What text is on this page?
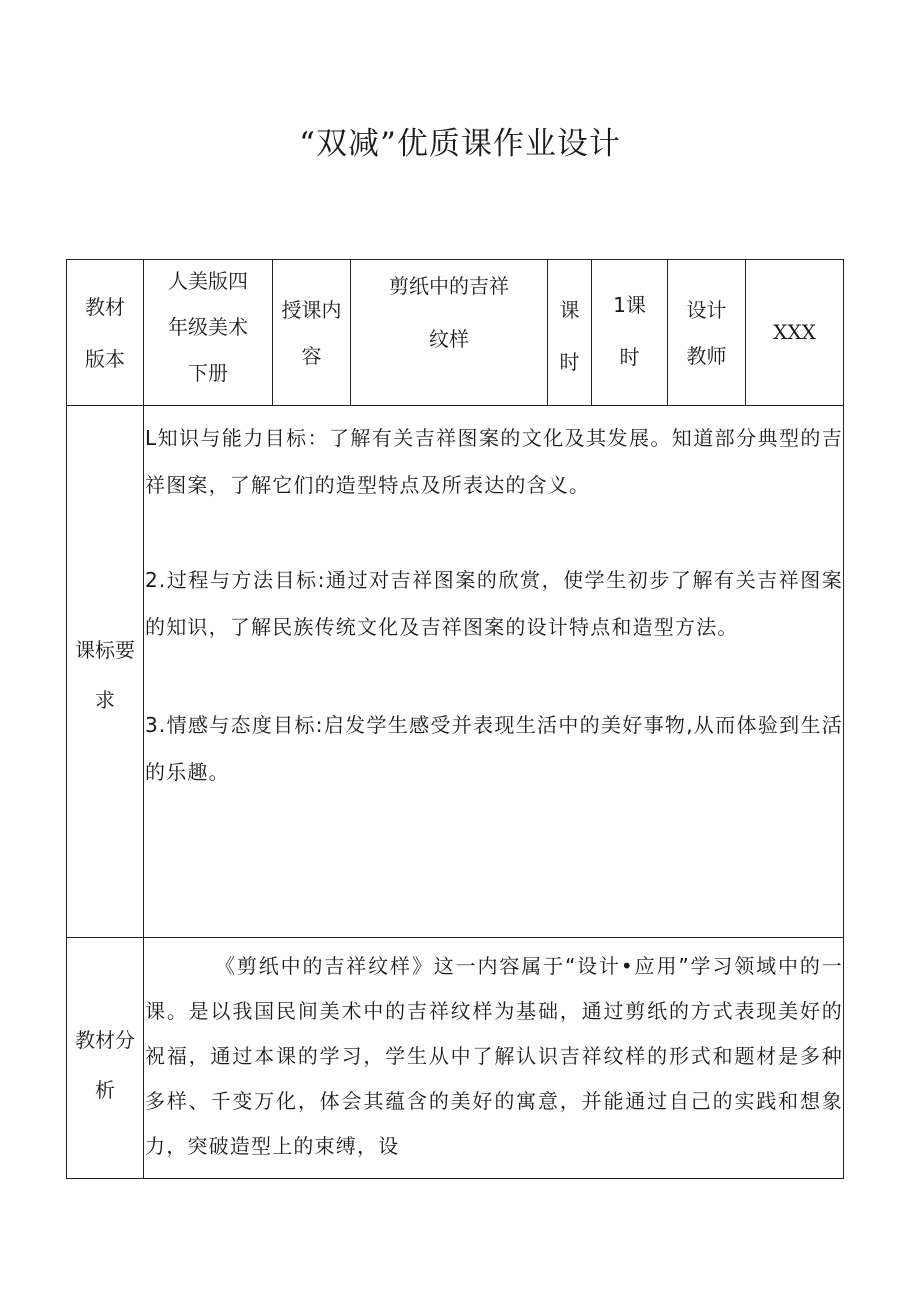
“双减”优质课作业设计
教材
版本
人美版四
年级美术
下册
授课内
容
剪纸中的吉祥
纹样
课
时
1课
时
设计
教师
XXX
课标要
求
L知识与能力目标：了解有关吉祥图案的文化及其发展。知道部分典型的吉祥图案，了解它们的造型特点及所表达的含义。
2.过程与方法目标:通过对吉祥图案的欣赏，使学生初步了解有关吉祥图案的知识，了解民族传统文化及吉祥图案的设计特点和造型方法。
3.情感与态度目标:启发学生感受并表现生活中的美好事物,从而体验到生活的乐趣。
教材分
析
《剪纸中的吉祥纹样》这一内容属于“设计•应用”学习领域中的一课。是以我国民间美术中的吉祥纹样为基础，通过剪纸的方式表现美好的祝福，通过本课的学习，学生从中了解认识吉祥纹样的形式和题材是多种多样、千变万化，体会其蕴含的美好的寓意，并能通过自己的实践和想象力，突破造型上的束缚，设
